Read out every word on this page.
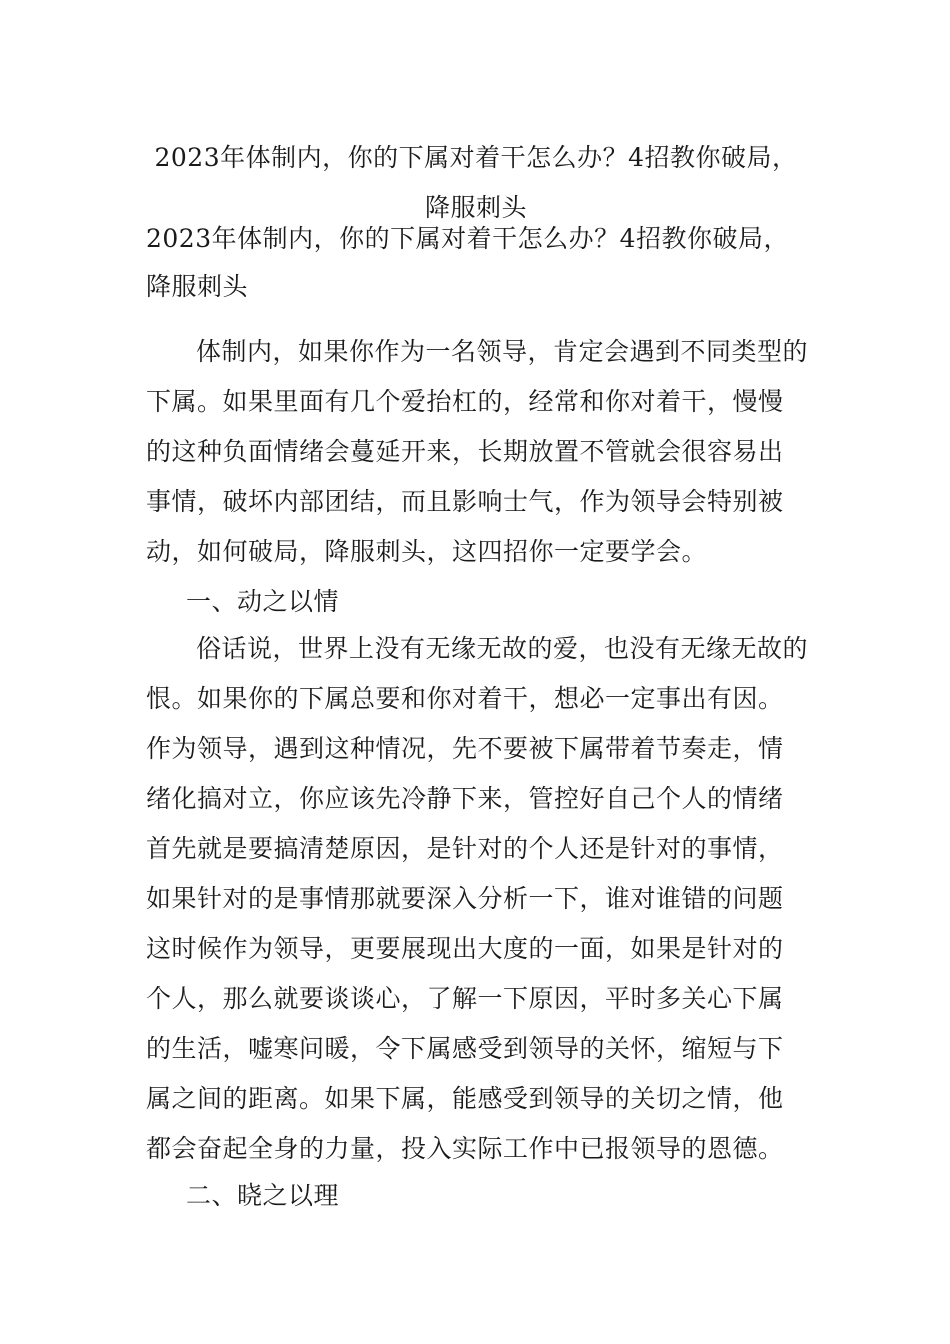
2023年体制内，你的下属对着干怎么办？4招教你破局，
降服刺头
2023年体制内，你的下属对着干怎么办？4招教你破局，
降服刺头
体制内，如果你作为一名领导，肯定会遇到不同类型的
下属。如果里面有几个爱抬杠的，经常和你对着干，慢慢
的这种负面情绪会蔓延开来，长期放置不管就会很容易出
事情，破坏内部团结，而且影响士气，作为领导会特别被
动，如何破局，降服刺头，这四招你一定要学会。
一、动之以情
俗话说，世界上没有无缘无故的爱，也没有无缘无故的
恨。如果你的下属总要和你对着干，想必一定事出有因。
作为领导，遇到这种情况，先不要被下属带着节奏走，情
绪化搞对立，你应该先冷静下来，管控好自己个人的情绪
首先就是要搞清楚原因，是针对的个人还是针对的事情，
如果针对的是事情那就要深入分析一下，谁对谁错的问题
这时候作为领导，更要展现出大度的一面，如果是针对的
个人，那么就要谈谈心，了解一下原因，平时多关心下属
的生活，嘘寒问暖，令下属感受到领导的关怀，缩短与下
属之间的距离。如果下属，能感受到领导的关切之情，他
都会奋起全身的力量，投入实际工作中已报领导的恩德。
二、晓之以理
